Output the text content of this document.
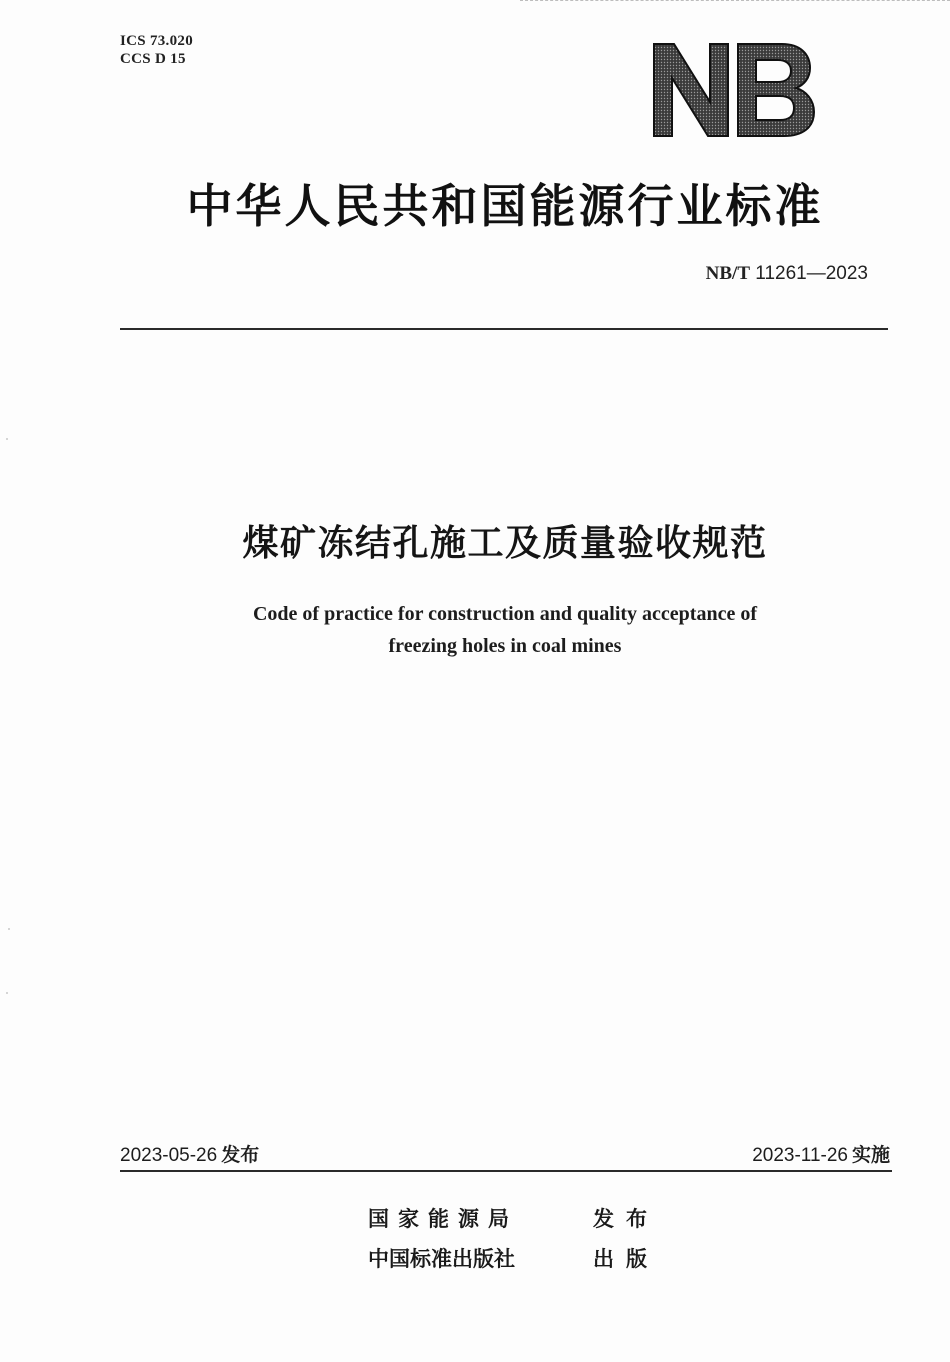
ICS 73.020
CCS D 15
中华人民共和国能源行业标准
NB/T 11261—2023
煤矿冻结孔施工及质量验收规范
Code of practice for construction and quality acceptance of
freezing holes in coal mines
2023-05-26 发布	2023-11-26 实施
国家能源局	发布
中国标准出版社	出版
